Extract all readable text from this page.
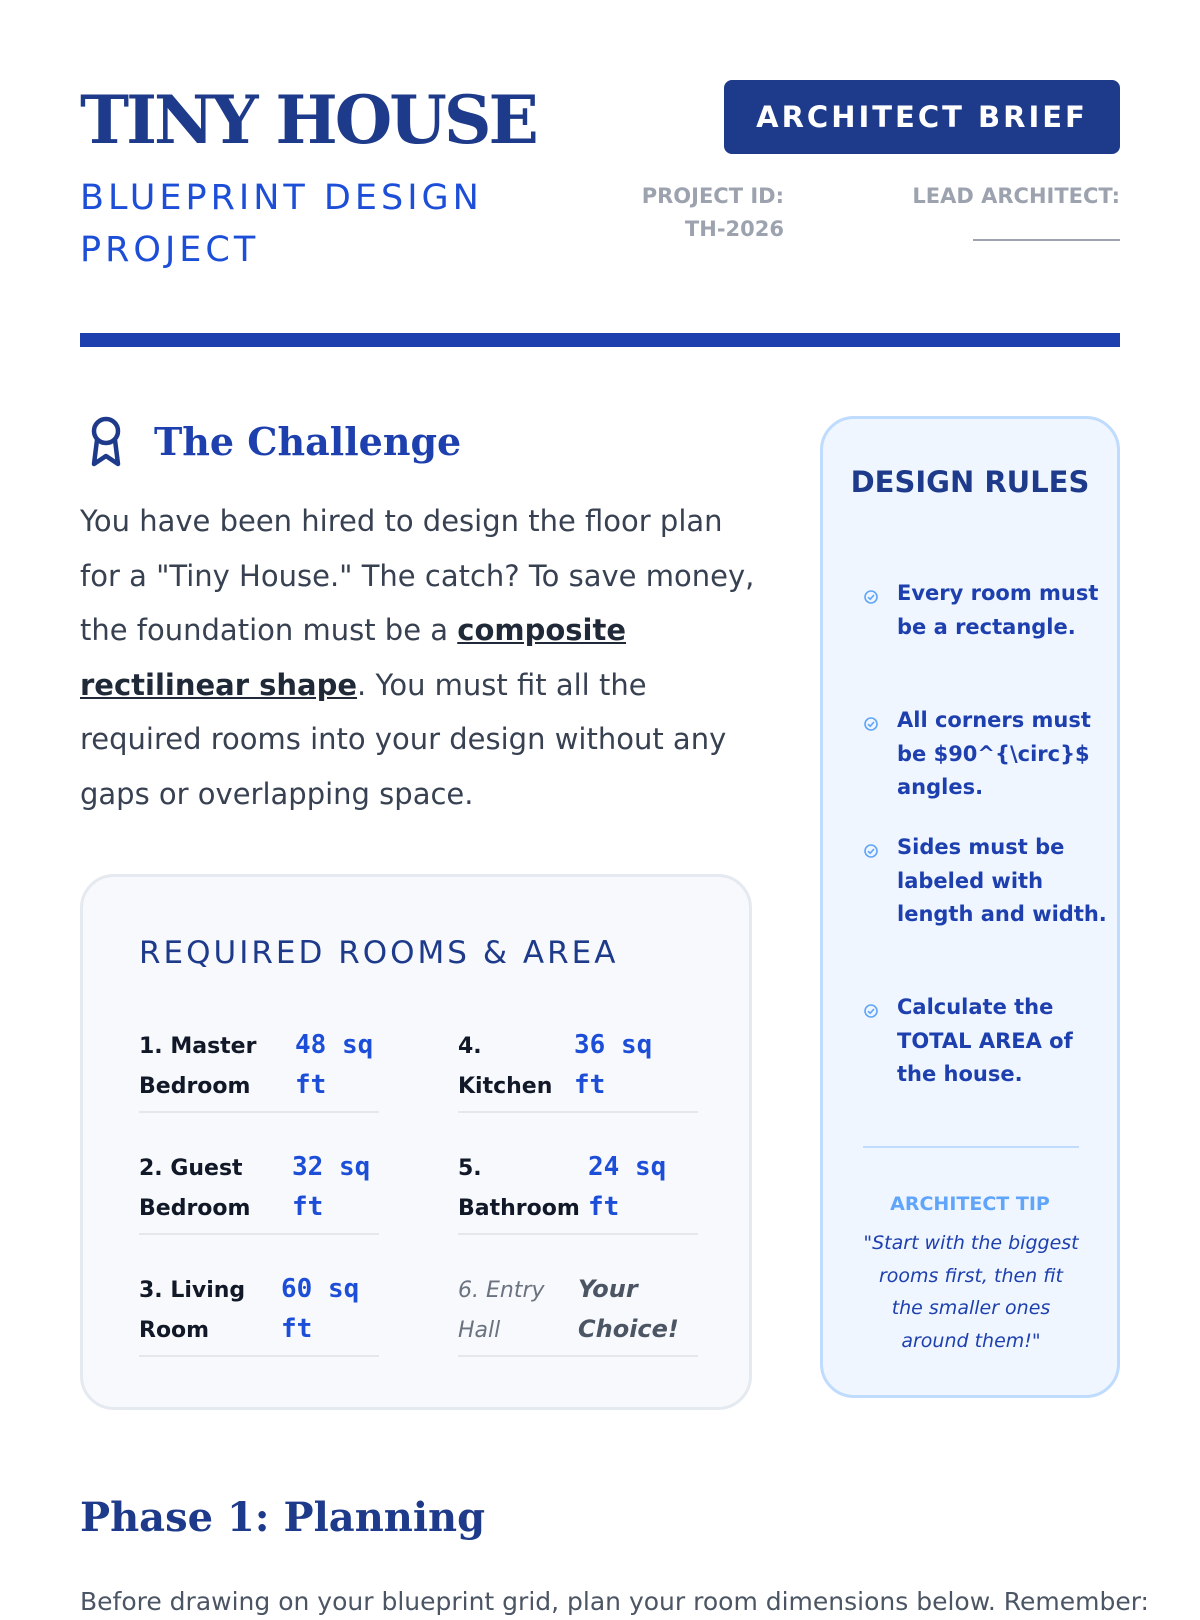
TINY HOUSE
BLUEPRINT DESIGN PROJECT
ARCHITECT BRIEF
PROJECT ID:
TH-2026
LEAD ARCHITECT:
______________
The Challenge
You have been hired to design the floor plan for a "Tiny House." The catch? To save money, the foundation must be a composite rectilinear shape. You must fit all the required rooms into your design without any gaps or overlapping space.
REQUIRED ROOMS & AREA
1. Master Bedroom
48 sq ft
2. Guest Bedroom
32 sq ft
3. Living Room
60 sq ft
4. Kitchen
36 sq ft
5. Bathroom
24 sq ft
6. Entry Hall
Your Choice!
DESIGN RULES
Every room must be a rectangle.
All corners must be $90^{\circ}$ angles.
Sides must be labeled with length and width.
Calculate the TOTAL AREA of the house.
ARCHITECT TIP
"Start with the biggest rooms first, then fit the smaller ones around them!"
Phase 1: Planning
Before drawing on your blueprint grid, plan your room dimensions below. Remember:
